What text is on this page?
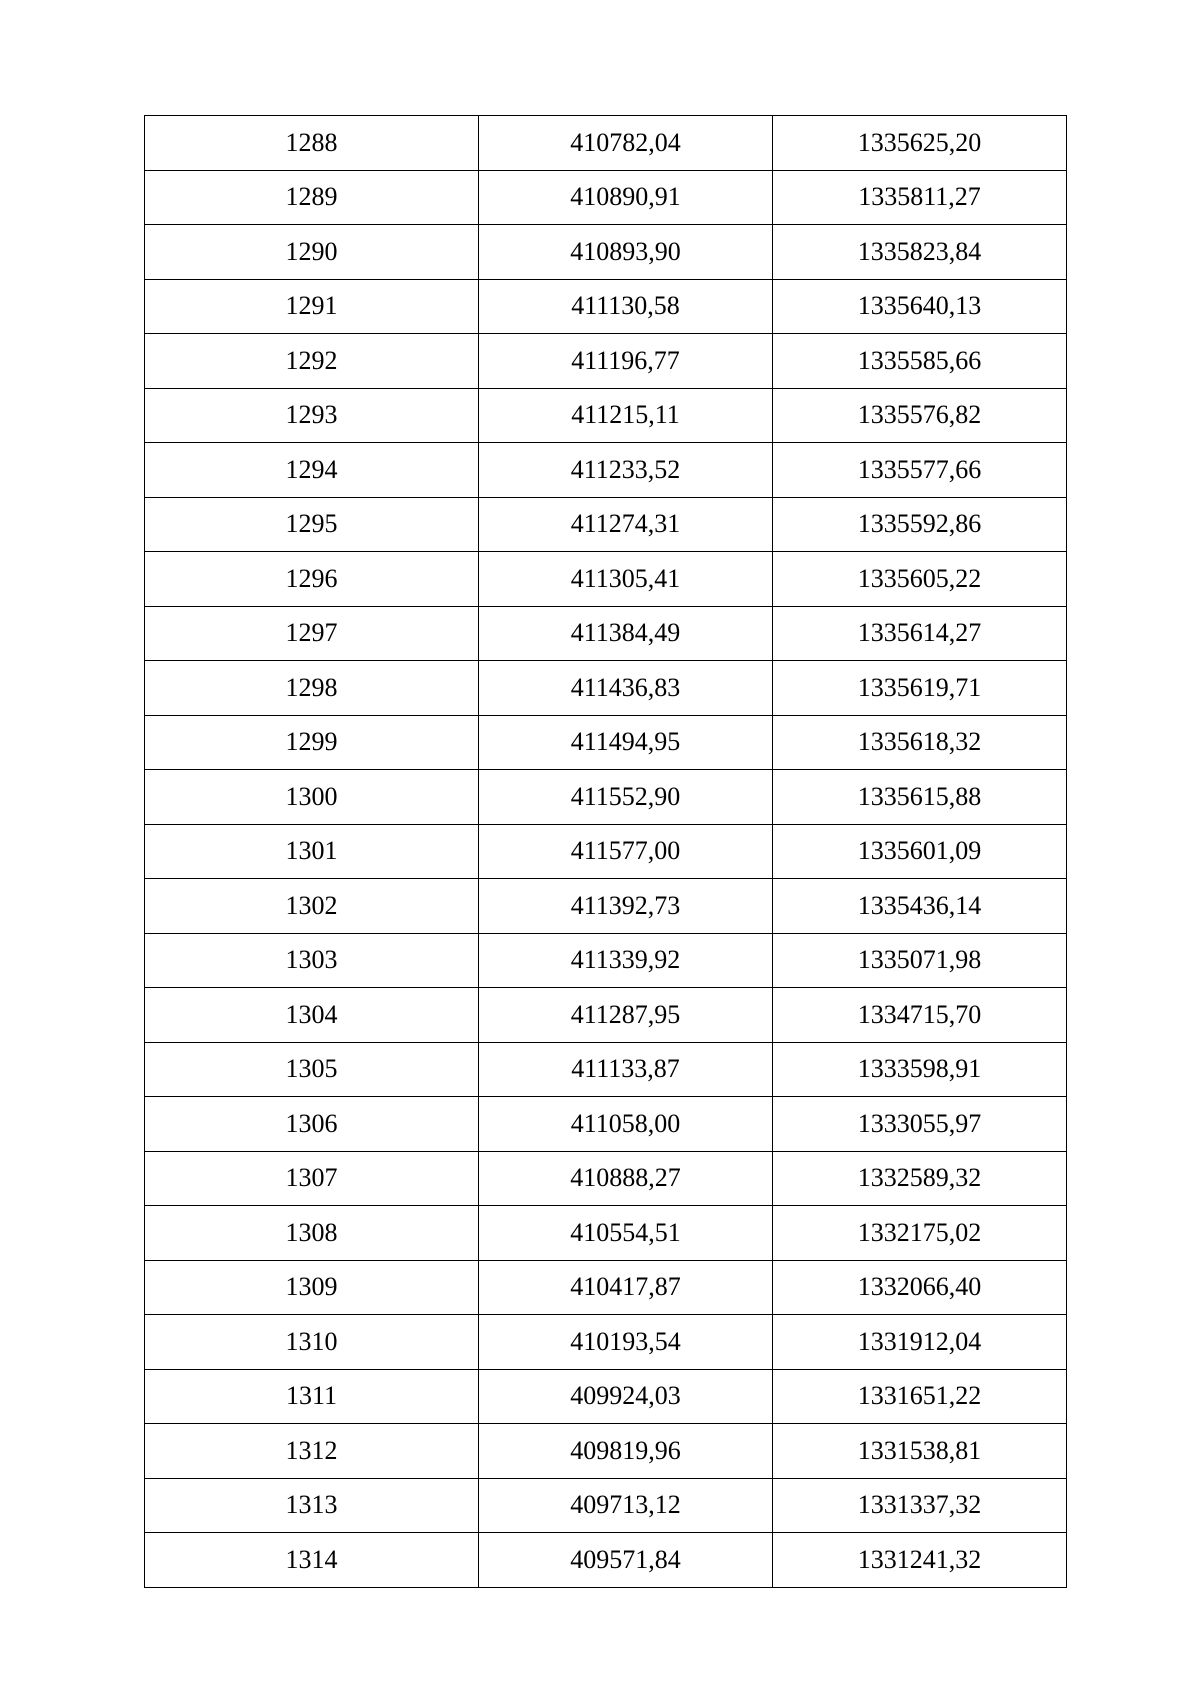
1288	410782,04	1335625,20
1289	410890,91	1335811,27
1290	410893,90	1335823,84
1291	411130,58	1335640,13
1292	411196,77	1335585,66
1293	411215,11	1335576,82
1294	411233,52	1335577,66
1295	411274,31	1335592,86
1296	411305,41	1335605,22
1297	411384,49	1335614,27
1298	411436,83	1335619,71
1299	411494,95	1335618,32
1300	411552,90	1335615,88
1301	411577,00	1335601,09
1302	411392,73	1335436,14
1303	411339,92	1335071,98
1304	411287,95	1334715,70
1305	411133,87	1333598,91
1306	411058,00	1333055,97
1307	410888,27	1332589,32
1308	410554,51	1332175,02
1309	410417,87	1332066,40
1310	410193,54	1331912,04
1311	409924,03	1331651,22
1312	409819,96	1331538,81
1313	409713,12	1331337,32
1314	409571,84	1331241,32
